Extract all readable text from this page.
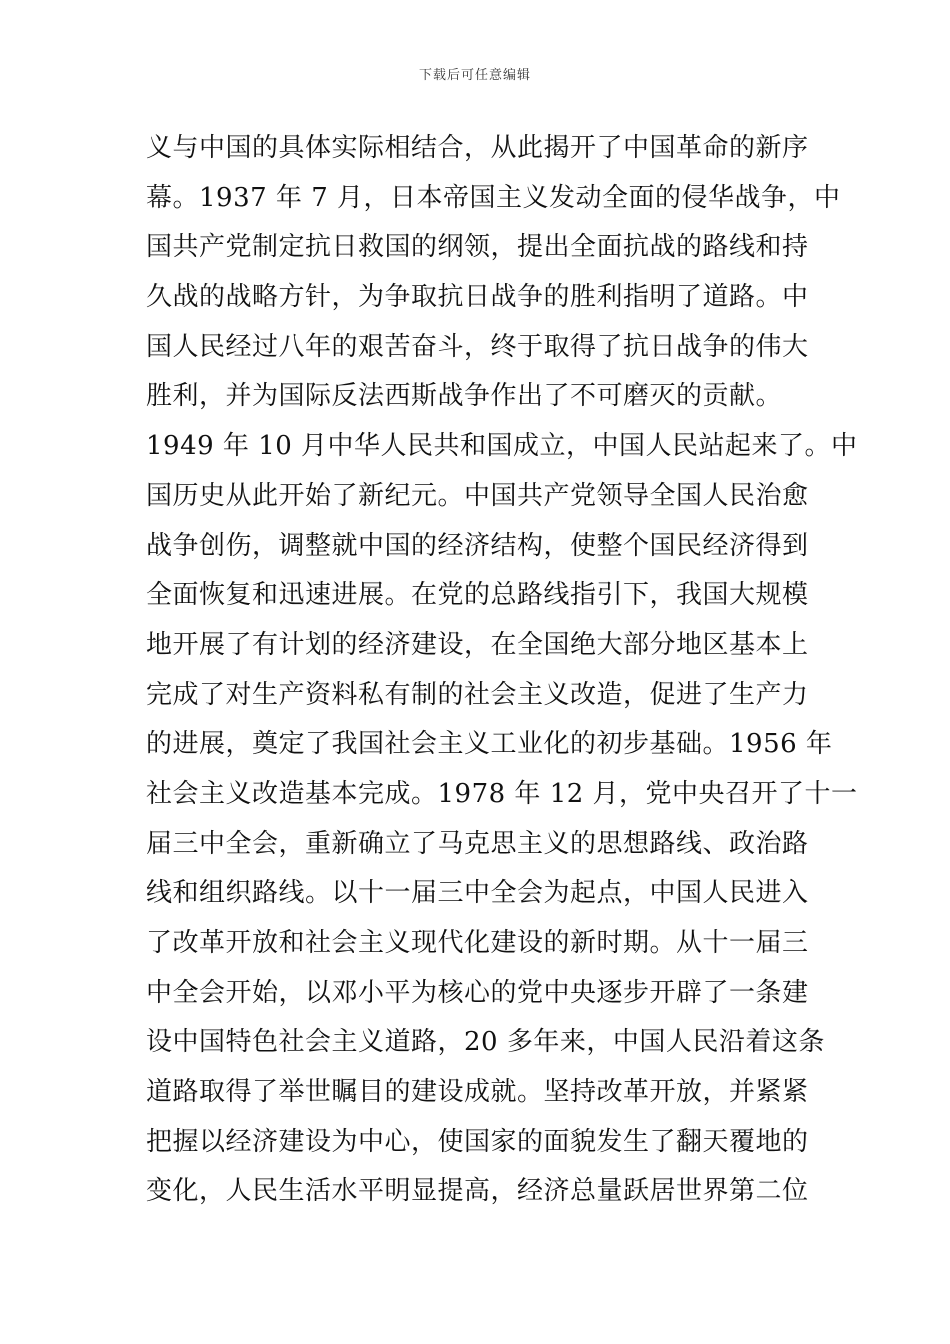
下载后可任意编辑
义与中国的具体实际相结合，从此揭开了中国革命的新序
幕。1937 年 7 月，日本帝国主义发动全面的侵华战争，中
国共产党制定抗日救国的纲领，提出全面抗战的路线和持
久战的战略方针，为争取抗日战争的胜利指明了道路。中
国人民经过八年的艰苦奋斗，终于取得了抗日战争的伟大
胜利，并为国际反法西斯战争作出了不可磨灭的贡献。
1949 年 10 月中华人民共和国成立，中国人民站起来了。中
国历史从此开始了新纪元。中国共产党领导全国人民治愈
战争创伤，调整就中国的经济结构，使整个国民经济得到
全面恢复和迅速进展。在党的总路线指引下，我国大规模
地开展了有计划的经济建设，在全国绝大部分地区基本上
完成了对生产资料私有制的社会主义改造，促进了生产力
的进展，奠定了我国社会主义工业化的初步基础。1956 年
社会主义改造基本完成。1978 年 12 月，党中央召开了十一
届三中全会，重新确立了马克思主义的思想路线、政治路
线和组织路线。以十一届三中全会为起点，中国人民进入
了改革开放和社会主义现代化建设的新时期。从十一届三
中全会开始，以邓小平为核心的党中央逐步开辟了一条建
设中国特色社会主义道路，20 多年来，中国人民沿着这条
道路取得了举世瞩目的建设成就。坚持改革开放，并紧紧
把握以经济建设为中心，使国家的面貌发生了翻天覆地的
变化，人民生活水平明显提高，经济总量跃居世界第二位
